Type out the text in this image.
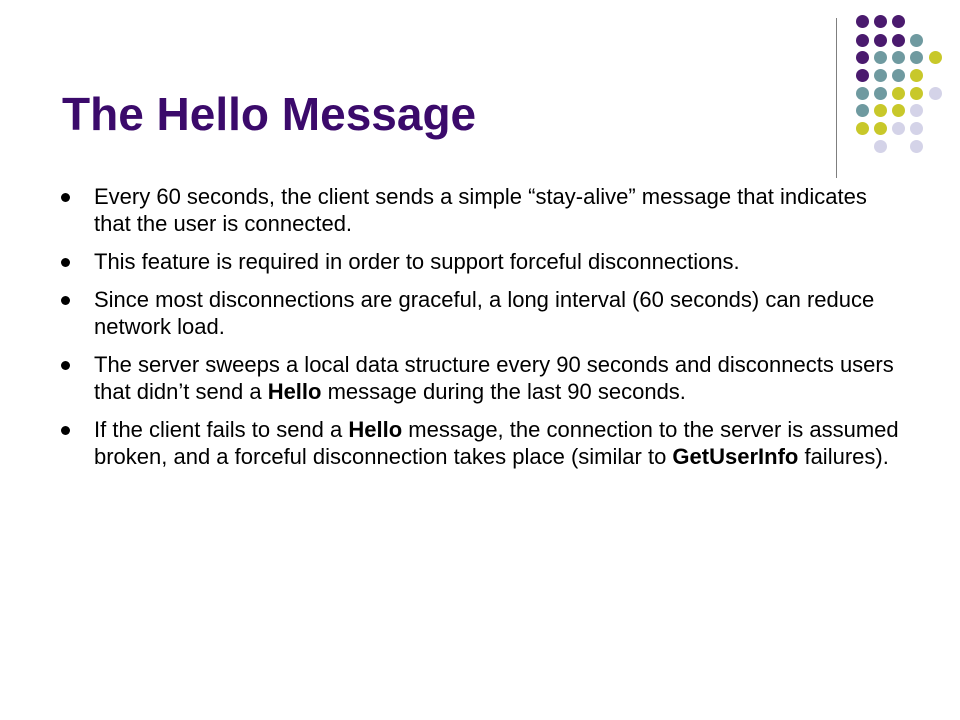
The Hello Message
Every 60 seconds, the client sends a simple “stay-alive” message that indicates that the user is connected.
This feature is required in order to support forceful disconnections.
Since most disconnections are graceful, a long interval (60 seconds) can reduce network load.
The server sweeps a local data structure every 90 seconds and disconnects users that didn’t send a Hello message during the last 90 seconds.
If the client fails to send a Hello message, the connection to the server is assumed broken, and a forceful disconnection takes place (similar to GetUserInfo failures).
